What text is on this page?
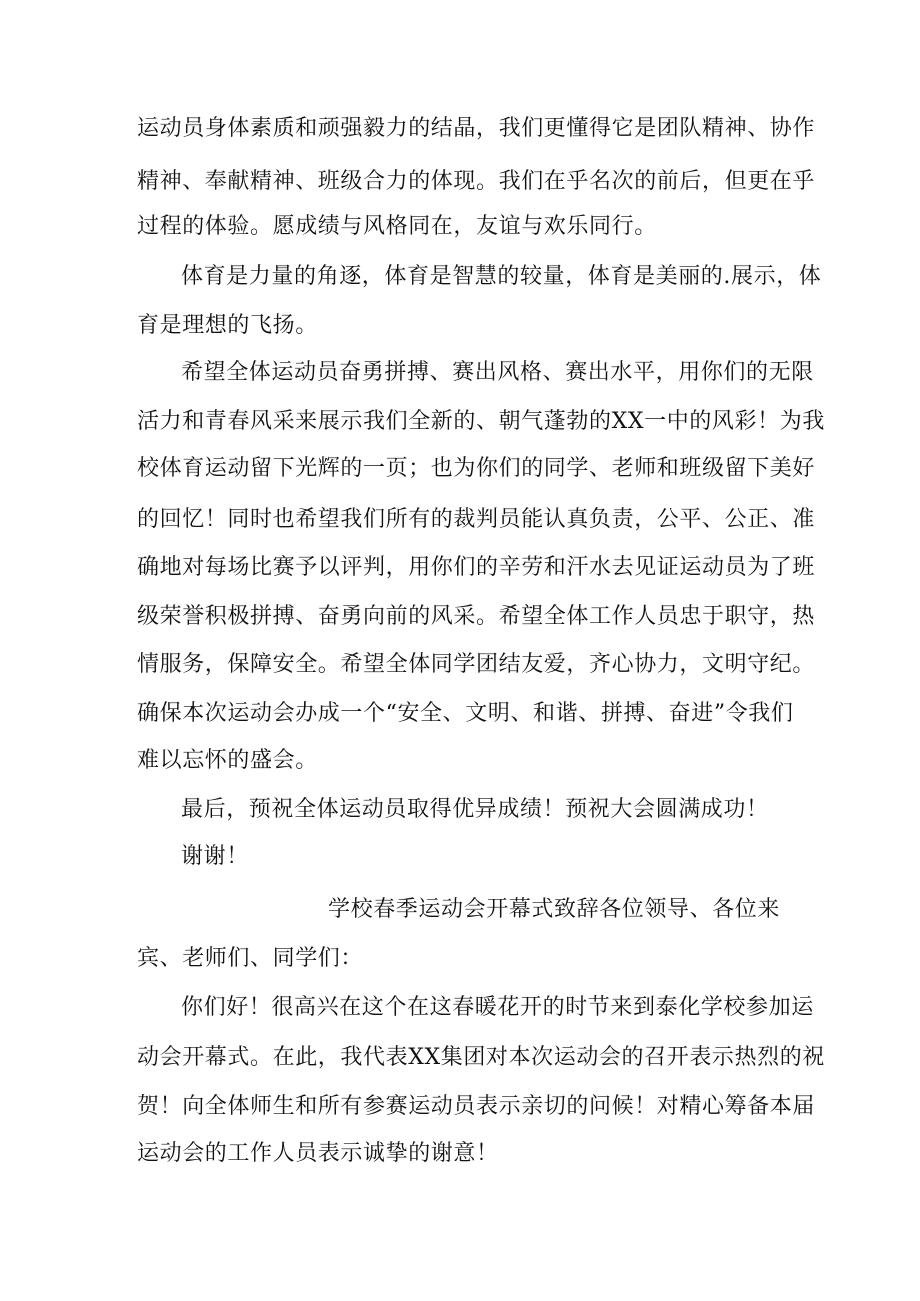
运动员身体素质和顽强毅力的结晶，我们更懂得它是团队精神、协作
精神、奉献精神、班级合力的体现。我们在乎名次的前后，但更在乎
过程的体验。愿成绩与风格同在，友谊与欢乐同行。
体育是力量的角逐，体育是智慧的较量，体育是美丽的.展示，体
育是理想的飞扬。
希望全体运动员奋勇拼搏、赛出风格、赛出水平，用你们的无限
活力和青春风采来展示我们全新的、朝气蓬勃的XX一中的风彩！为我
校体育运动留下光辉的一页；也为你们的同学、老师和班级留下美好
的回忆！同时也希望我们所有的裁判员能认真负责，公平、公正、准
确地对每场比赛予以评判，用你们的辛劳和汗水去见证运动员为了班
级荣誉积极拼搏、奋勇向前的风采。希望全体工作人员忠于职守，热
情服务，保障安全。希望全体同学团结友爱，齐心协力，文明守纪。
确保本次运动会办成一个“安全、文明、和谐、拼搏、奋进”令我们
难以忘怀的盛会。
最后，预祝全体运动员取得优异成绩！预祝大会圆满成功！
谢谢！
学校春季运动会开幕式致辞各位领导、各位来
宾、老师们、同学们：
你们好！很高兴在这个在这春暖花开的时节来到泰化学校参加运
动会开幕式。在此，我代表XX集团对本次运动会的召开表示热烈的祝
贺！向全体师生和所有参赛运动员表示亲切的问候！对精心筹备本届
运动会的工作人员表示诚挚的谢意！
